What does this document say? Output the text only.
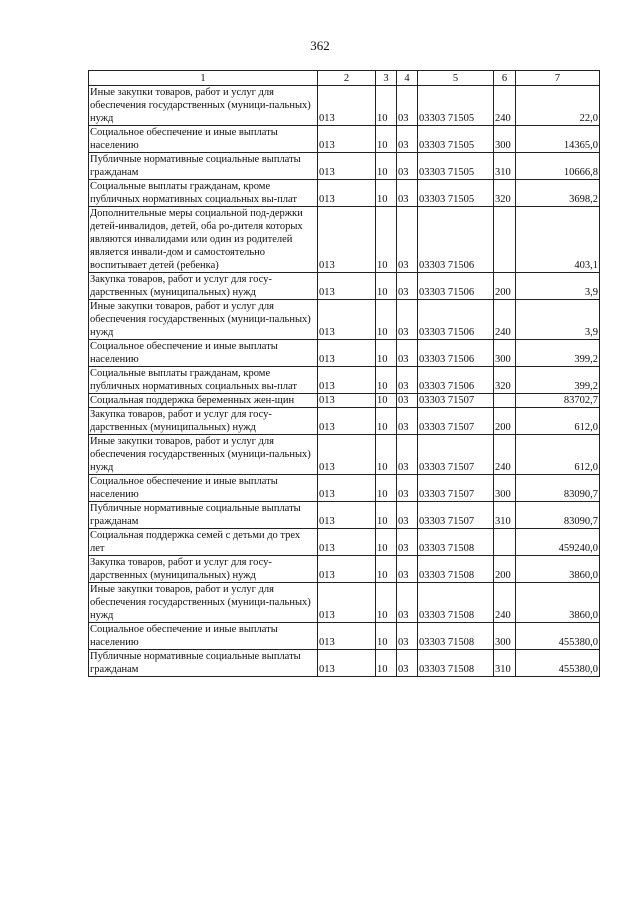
362
1	2	3	4	5	6	7
Иные закупки товаров, работ и услуг для обеспечения государственных (муници-пальных) нужд	013	10	03	03303 71505	240	22,0
Социальное обеспечение и иные выплаты населению	013	10	03	03303 71505	300	14365,0
Публичные нормативные социальные выплаты гражданам	013	10	03	03303 71505	310	10666,8
Социальные выплаты гражданам, кроме публичных нормативных социальных вы-плат	013	10	03	03303 71505	320	3698,2
Дополнительные меры социальной под-держки детей-инвалидов, детей, оба ро-дителя которых являются инвалидами или один из родителей является инвали-дом и самостоятельно воспитывает детей (ребенка)	013	10	03	03303 71506		403,1
Закупка товаров, работ и услуг для госу-дарственных (муниципальных) нужд	013	10	03	03303 71506	200	3,9
Иные закупки товаров, работ и услуг для обеспечения государственных (муници-пальных) нужд	013	10	03	03303 71506	240	3,9
Социальное обеспечение и иные выплаты населению	013	10	03	03303 71506	300	399,2
Социальные выплаты гражданам, кроме публичных нормативных социальных вы-плат	013	10	03	03303 71506	320	399,2
Социальная поддержка беременных жен-щин	013	10	03	03303 71507		83702,7
Закупка товаров, работ и услуг для госу-дарственных (муниципальных) нужд	013	10	03	03303 71507	200	612,0
Иные закупки товаров, работ и услуг для обеспечения государственных (муници-пальных) нужд	013	10	03	03303 71507	240	612,0
Социальное обеспечение и иные выплаты населению	013	10	03	03303 71507	300	83090,7
Публичные нормативные социальные выплаты гражданам	013	10	03	03303 71507	310	83090,7
Социальная поддержка семей с детьми до трех лет	013	10	03	03303 71508		459240,0
Закупка товаров, работ и услуг для госу-дарственных (муниципальных) нужд	013	10	03	03303 71508	200	3860,0
Иные закупки товаров, работ и услуг для обеспечения государственных (муници-пальных) нужд	013	10	03	03303 71508	240	3860,0
Социальное обеспечение и иные выплаты населению	013	10	03	03303 71508	300	455380,0
Публичные нормативные социальные выплаты гражданам	013	10	03	03303 71508	310	455380,0
